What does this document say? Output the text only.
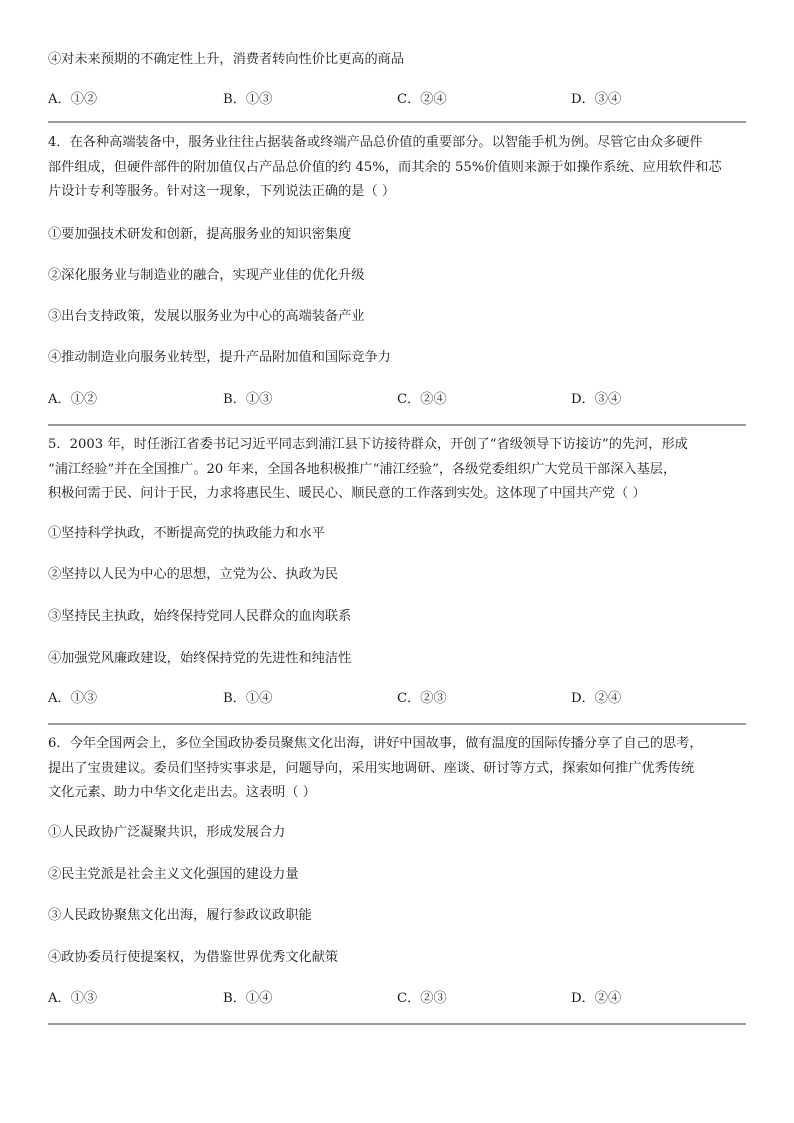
④对未来预期的不确定性上升，消费者转向性价比更高的商品
A．①②	B．①③	C．②④	D．③④
4．在各种高端装备中，服务业往往占据装备或终端产品总价值的重要部分。以智能手机为例。尽管它由众多硬件
部件组成，但硬件部件的附加值仅占产品总价值的约 45%，而其余的 55%价值则来源于如操作系统、应用软件和芯
片设计专利等服务。针对这一现象，下列说法正确的是（ ）
①要加强技术研发和创新，提高服务业的知识密集度
②深化服务业与制造业的融合，实现产业佳的优化升级
③出台支持政策，发展以服务业为中心的高端装备产业
④推动制造业向服务业转型，提升产品附加值和国际竞争力
A．①②	B．①③	C．②④	D．③④
5．2003 年，时任浙江省委书记习近平同志到浦江县下访接待群众，开创了“省级领导下访接访”的先河，形成
“浦江经验”并在全国推广。20 年来，全国各地积极推广“浦江经验”，各级党委组织广大党员干部深入基层，
积极问需于民、问计于民，力求将惠民生、暖民心、顺民意的工作落到实处。这体现了中国共产党（ ）
①坚持科学执政，不断提高党的执政能力和水平
②坚持以人民为中心的思想，立党为公、执政为民
③坚持民主执政，始终保持党同人民群众的血肉联系
④加强党风廉政建设，始终保持党的先进性和纯洁性
A．①③	B．①④	C．②③	D．②④
6．今年全国两会上，多位全国政协委员聚焦文化出海，讲好中国故事，做有温度的国际传播分享了自己的思考，
提出了宝贵建议。委员们坚持实事求是，问题导向，采用实地调研、座谈、研讨等方式，探索如何推广优秀传统
文化元素、助力中华文化走出去。这表明（ ）
①人民政协广泛凝聚共识，形成发展合力
②民主党派是社会主义文化强国的建设力量
③人民政协聚焦文化出海，履行参政议政职能
④政协委员行使提案权，为借鉴世界优秀文化献策
A．①③	B．①④	C．②③	D．②④
